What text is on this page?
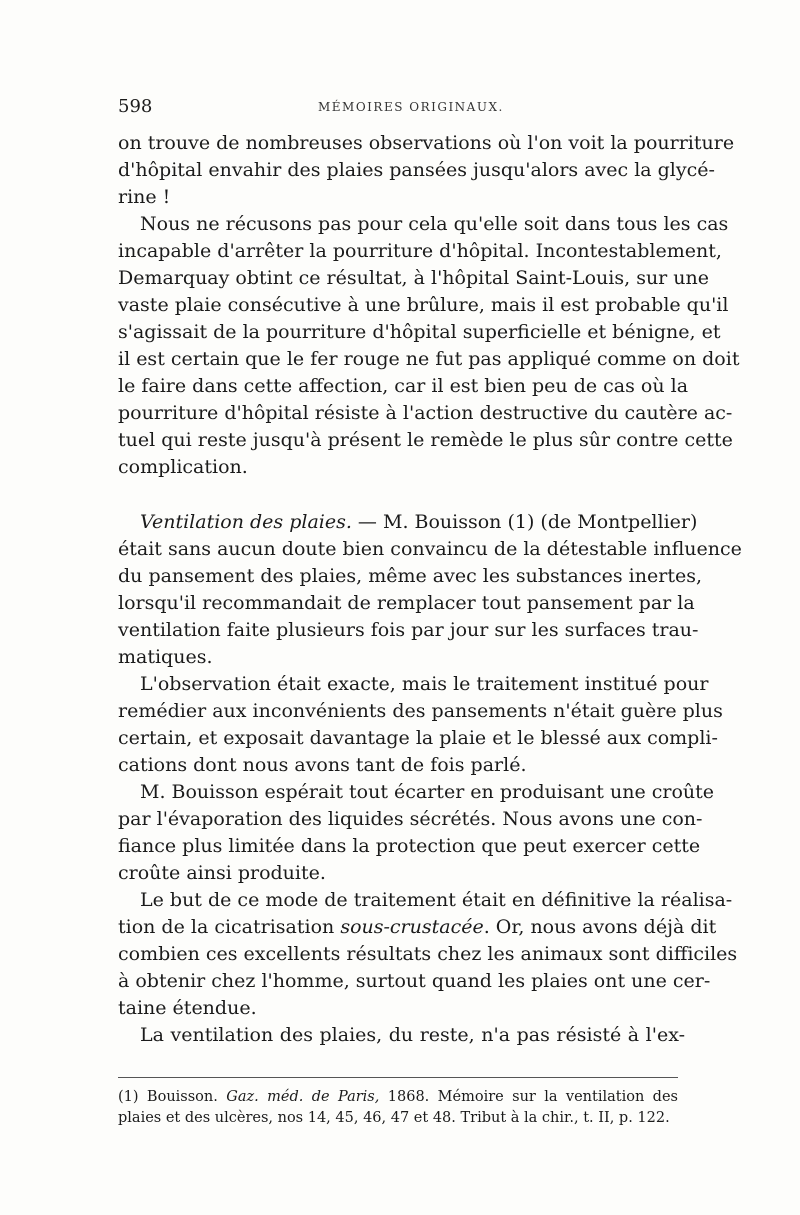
598	MÉMOIRES ORIGINAUX.
on trouve de nombreuses observations où l'on voit la pourriture
d'hôpital envahir des plaies pansées jusqu'alors avec la glycé-
rine !
Nous ne récusons pas pour cela qu'elle soit dans tous les cas
incapable d'arrêter la pourriture d'hôpital. Incontestablement,
Demarquay obtint ce résultat, à l'hôpital Saint-Louis, sur une
vaste plaie consécutive à une brûlure, mais il est probable qu'il
s'agissait de la pourriture d'hôpital superficielle et bénigne, et
il est certain que le fer rouge ne fut pas appliqué comme on doit
le faire dans cette affection, car il est bien peu de cas où la
pourriture d'hôpital résiste à l'action destructive du cautère ac-
tuel qui reste jusqu'à présent le remède le plus sûr contre cette
complication.
Ventilation des plaies. — M. Bouisson (1) (de Montpellier)
était sans aucun doute bien convaincu de la détestable influence
du pansement des plaies, même avec les substances inertes,
lorsqu'il recommandait de remplacer tout pansement par la
ventilation faite plusieurs fois par jour sur les surfaces trau-
matiques.
L'observation était exacte, mais le traitement institué pour
remédier aux inconvénients des pansements n'était guère plus
certain, et exposait davantage la plaie et le blessé aux compli-
cations dont nous avons tant de fois parlé.
M. Bouisson espérait tout écarter en produisant une croûte
par l'évaporation des liquides sécrétés. Nous avons une con-
fiance plus limitée dans la protection que peut exercer cette
croûte ainsi produite.
Le but de ce mode de traitement était en définitive la réalisa-
tion de la cicatrisation sous-crustacée. Or, nous avons déjà dit
combien ces excellents résultats chez les animaux sont difficiles
à obtenir chez l'homme, surtout quand les plaies ont une cer-
taine étendue.
La ventilation des plaies, du reste, n'a pas résisté à l'ex-
(1) Bouisson. Gaz. méd. de Paris, 1868. Mémoire sur la ventilation des
plaies et des ulcères, nos 14, 45, 46, 47 et 48. Tribut à la chir., t. II, p. 122.
